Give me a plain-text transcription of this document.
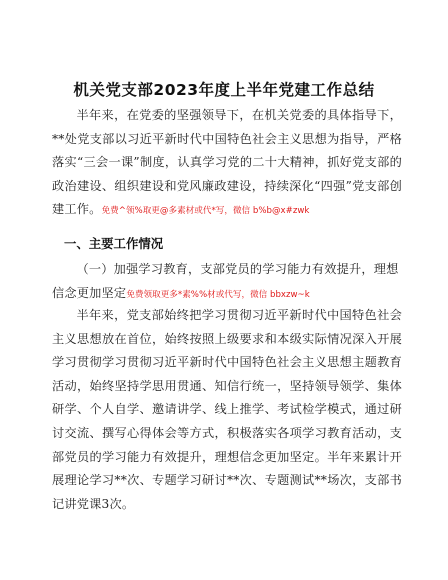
机关党支部2023年度上半年党建工作总结

半年来，在党委的坚强领导下，在机关党委的具体指导下，**处党支部以习近平新时代中国特色社会主义思想为指导，严格落实“三会一课”制度，认真学习党的二十大精神，抓好党支部的政治建设、组织建设和党风廉政建设，持续深化“四强”党支部创建工作。免费^领%取更@多素材或代*写，微信 b%b@x#zwk

一、主要工作情况

（一）加强学习教育，支部党员的学习能力有效提升，理想信念更加坚定免费领取更多*素%%材或代写，微信 bbxzw~k

半年来，党支部始终把学习贯彻习近平新时代中国特色社会主义思想放在首位，始终按照上级要求和本级实际情况深入开展学习贯彻学习贯彻习近平新时代中国特色社会主义思想主题教育活动，始终坚持学思用贯通、知信行统一，坚持领导领学、集体研学、个人自学、邀请讲学、线上推学、考试检学模式，通过研讨交流、撰写心得体会等方式，积极落实各项学习教育活动，支部党员的学习能力有效提升，理想信念更加坚定。半年来累计开展理论学习**次、专题学习研讨**次、专题测试**场次，支部书记讲党课3次。
